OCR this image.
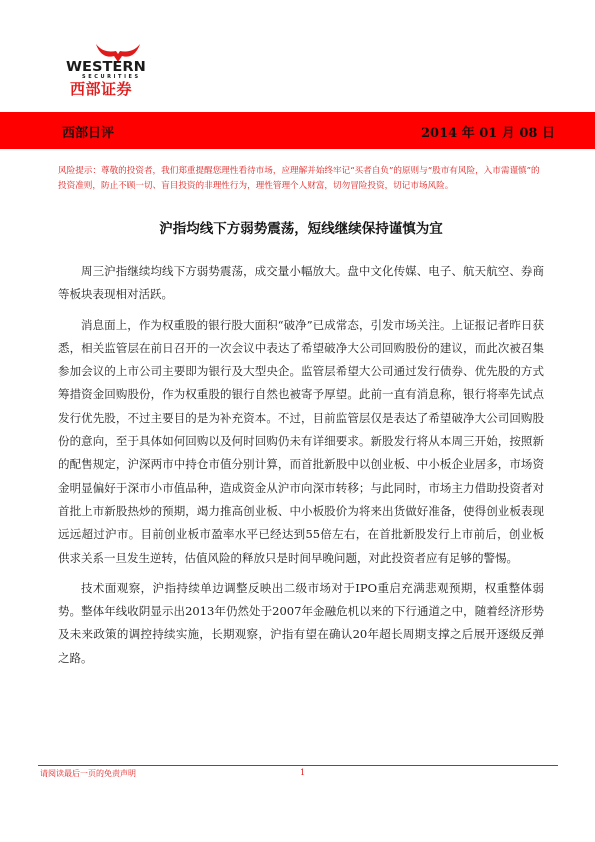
WESTERN
SECURITIES
西部证券
西部日评	2014 年 01 月 08 日
风险提示：尊敬的投资者，我们郑重提醒您理性看待市场，应理解并始终牢记“买者自负”的原则与“股市有风险，入市需谨慎”的投资准则，防止不顾一切、盲目投资的非理性行为，理性管理个人财富，切勿冒险投资，切记市场风险。
沪指均线下方弱势震荡，短线继续保持谨慎为宜

周三沪指继续均线下方弱势震荡，成交量小幅放大。盘中文化传媒、电子、航天航空、券商等板块表现相对活跃。

消息面上，作为权重股的银行股大面积“破净”已成常态，引发市场关注。上证报记者昨日获悉，相关监管层在前日召开的一次会议中表达了希望破净大公司回购股份的建议，而此次被召集参加会议的上市公司主要即为银行及大型央企。监管层希望大公司通过发行债券、优先股的方式筹措资金回购股份，作为权重股的银行自然也被寄予厚望。此前一直有消息称，银行将率先试点发行优先股，不过主要目的是为补充资本。不过，目前监管层仅是表达了希望破净大公司回购股份的意向，至于具体如何回购以及何时回购仍未有详细要求。新股发行将从本周三开始，按照新的配售规定，沪深两市中持仓市值分别计算，而首批新股中以创业板、中小板企业居多，市场资金明显偏好于深市小市值品种，造成资金从沪市向深市转移；与此同时，市场主力借助投资者对首批上市新股热炒的预期，竭力推高创业板、中小板股价为将来出货做好准备，使得创业板表现远远超过沪市。目前创业板市盈率水平已经达到55倍左右，在首批新股发行上市前后，创业板供求关系一旦发生逆转，估值风险的释放只是时间早晚问题，对此投资者应有足够的警惕。

技术面观察，沪指持续单边调整反映出二级市场对于IPO重启充满悲观预期，权重整体弱势。整体年线收阴显示出2013年仍然处于2007年金融危机以来的下行通道之中，随着经济形势及未来政策的调控持续实施，长期观察，沪指有望在确认20年超长周期支撑之后展开逐级反弹之路。

请阅读最后一页的免责声明	1
